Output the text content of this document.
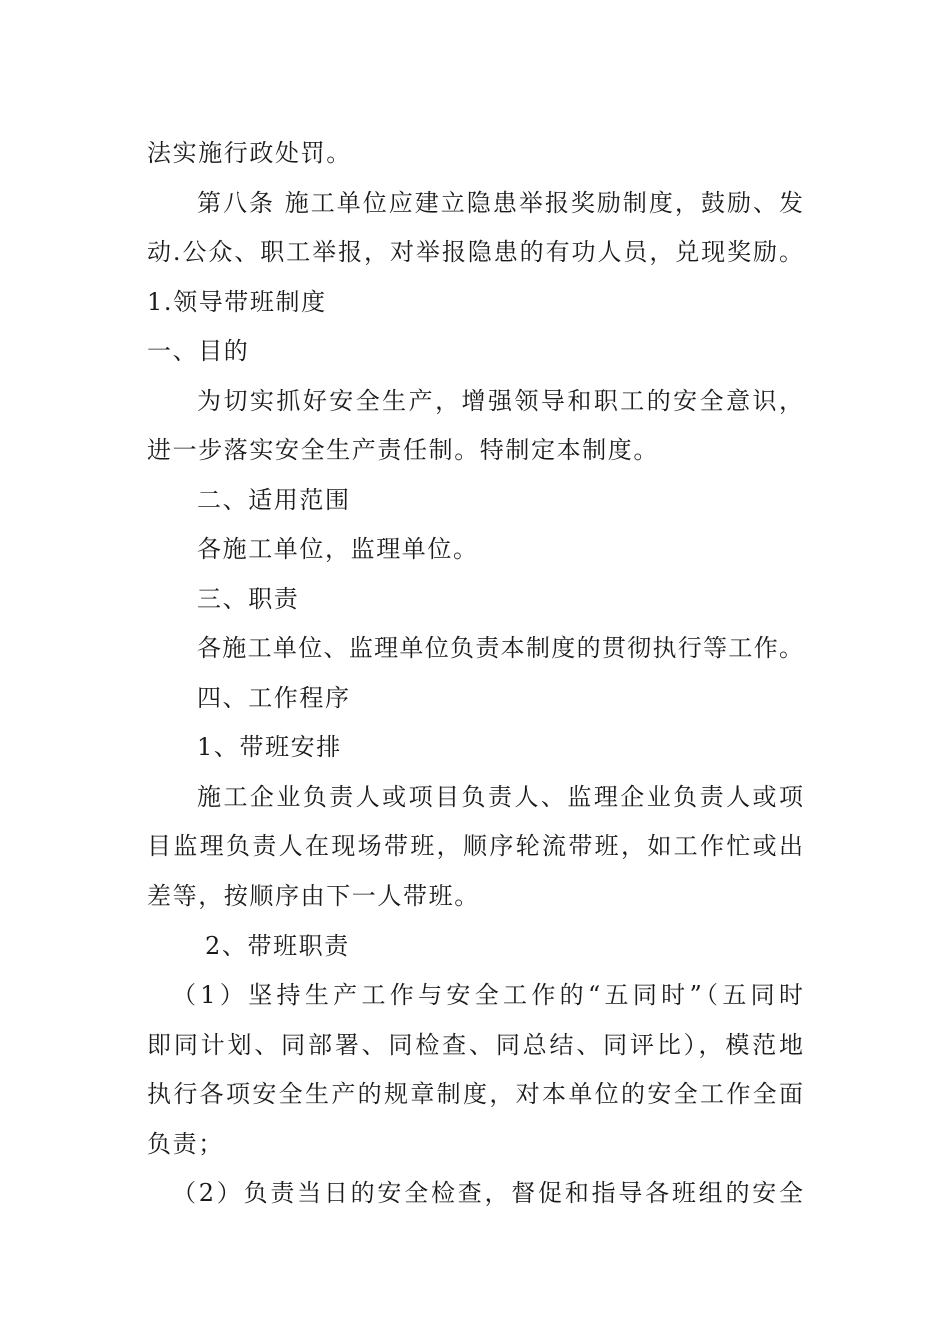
法实施行政处罚。
第八条 施工单位应建立隐患举报奖励制度，鼓励、发
动.公众、职工举报，对举报隐患的有功人员，兑现奖励。
1.领导带班制度
一、目的
为切实抓好安全生产，增强领导和职工的安全意识，
进一步落实安全生产责任制。特制定本制度。
二、适用范围
各施工单位，监理单位。
三、职责
各施工单位、监理单位负责本制度的贯彻执行等工作。
四、工作程序
1、带班安排
施工企业负责人或项目负责人、监理企业负责人或项
目监理负责人在现场带班，顺序轮流带班，如工作忙或出
差等，按顺序由下一人带班。
2、带班职责
（1）坚持生产工作与安全工作的“五同时”（五同时
即同计划、同部署、同检查、同总结、同评比），模范地
执行各项安全生产的规章制度，对本单位的安全工作全面
负责；
（2）负责当日的安全检查，督促和指导各班组的安全
